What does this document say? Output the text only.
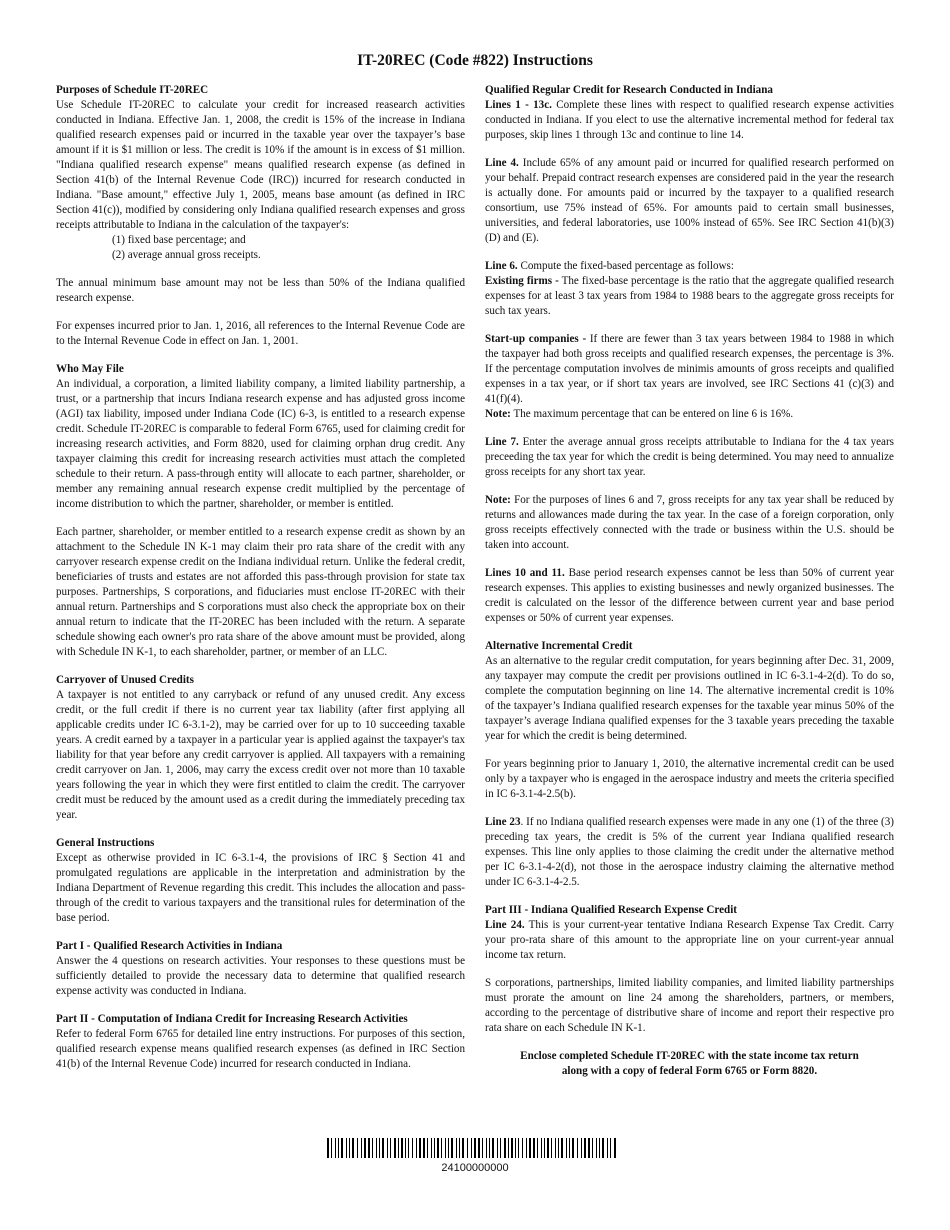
IT-20REC (Code #822) Instructions
Purposes of Schedule IT-20REC

Use Schedule IT-20REC to calculate your credit for increased reasearch activities conducted in Indiana. Effective Jan. 1, 2008, the credit is 15% of the increase in Indiana qualified research expenses paid or incurred in the taxable year over the taxpayer’s base amount if it is $1 million or less. The credit is 10% if the amount is in excess of $1 million. "Indiana qualified research expense" means qualified research expense (as defined in Section 41(b) of the Internal Revenue Code (IRC)) incurred for research conducted in Indiana. "Base amount," effective July 1, 2005, means base amount (as defined in IRC Section 41(c)), modified by considering only Indiana qualified research expenses and gross receipts attributable to Indiana in the calculation of the taxpayer's:

(1) fixed base percentage; and
(2) average annual gross receipts.

The annual minimum base amount may not be less than 50% of the Indiana qualified research expense.

For expenses incurred prior to Jan. 1, 2016, all references to the Internal Revenue Code are to the Internal Revenue Code in effect on Jan. 1, 2001.

Who May File

An individual, a corporation, a limited liability company, a limited liability partnership, a trust, or a partnership that incurs Indiana research expense and has adjusted gross income (AGI) tax liability, imposed under Indiana Code (IC) 6-3, is entitled to a research expense credit. Schedule IT-20REC is comparable to federal Form 6765, used for claiming credit for increasing research activities, and Form 8820, used for claiming orphan drug credit. Any taxpayer claiming this credit for increasing research activities must attach the completed schedule to their return. A pass-through entity will allocate to each partner, shareholder, or member any remaining annual research expense credit multiplied by the percentage of income distribution to which the partner, shareholder, or member is entitled.

Each partner, shareholder, or member entitled to a research expense credit as shown by an attachment to the Schedule IN K-1 may claim their pro rata share of the credit with any carryover research expense credit on the Indiana individual return. Unlike the federal credit, beneficiaries of trusts and estates are not afforded this pass-through provision for state tax purposes. Partnerships, S corporations, and fiduciaries must enclose IT-20REC with their annual return. Partnerships and S corporations must also check the appropriate box on their annual return to indicate that the IT-20REC has been included with the return. A separate schedule showing each owner's pro rata share of the above amount must be provided, along with Schedule IN K-1, to each shareholder, partner, or member of an LLC.

Carryover of Unused Credits

A taxpayer is not entitled to any carryback or refund of any unused credit. Any excess credit, or the full credit if there is no current year tax liability (after first applying all applicable credits under IC 6-3.1-2), may be carried over for up to 10 succeeding taxable years. A credit earned by a taxpayer in a particular year is applied against the taxpayer's tax liability for that year before any credit carryover is applied. All taxpayers with a remaining credit carryover on Jan. 1, 2006, may carry the excess credit over not more than 10 taxable years following the year in which they were first entitled to claim the credit. The carryover credit must be reduced by the amount used as a credit during the immediately preceding tax year.

General Instructions

Except as otherwise provided in IC 6-3.1-4, the provisions of IRC § Section 41 and promulgated regulations are applicable in the interpretation and administration by the Indiana Department of Revenue regarding this credit. This includes the allocation and pass-through of the credit to various taxpayers and the transitional rules for determination of the base period.

Part I - Qualified Research Activities in Indiana

Answer the 4 questions on research activities. Your responses to these questions must be sufficiently detailed to provide the necessary data to determine that qualified research expense activity was conducted in Indiana.

Part II - Computation of Indiana Credit for Increasing Research Activities

Refer to federal Form 6765 for detailed line entry instructions. For purposes of this section, qualified research expense means qualified research expenses (as defined in IRC Section 41(b) of the Internal Revenue Code) incurred for research conducted in Indiana.

Qualified Regular Credit for Research Conducted in Indiana

Lines 1 - 13c. Complete these lines with respect to qualified research expense activities conducted in Indiana. If you elect to use the alternative incremental method for federal tax purposes, skip lines 1 through 13c and continue to line 14.

Line 4. Include 65% of any amount paid or incurred for qualified research performed on your behalf. Prepaid contract research expenses are considered paid in the year the research is actually done. For amounts paid or incurred by the taxpayer to a qualified research consortium, use 75% instead of 65%. For amounts paid to certain small businesses, universities, and federal laboratories, use 100% instead of 65%. See IRC Section 41(b)(3)(D) and (E).

Line 6. Compute the fixed-based percentage as follows:

Existing firms - The fixed-base percentage is the ratio that the aggregate qualified research expenses for at least 3 tax years from 1984 to 1988 bears to the aggregate gross receipts for such tax years.

Start-up companies - If there are fewer than 3 tax years between 1984 to 1988 in which the taxpayer had both gross receipts and qualified research expenses, the percentage is 3%. If the percentage computation involves de minimis amounts of gross receipts and qualified expenses in a tax year, or if short tax years are involved, see IRC Sections 41 (c)(3) and 41(f)(4).

Note: The maximum percentage that can be entered on line 6 is 16%.

Line 7. Enter the average annual gross receipts attributable to Indiana for the 4 tax years preceeding the tax year for which the credit is being determined. You may need to annualize gross receipts for any short tax year.

Note: For the purposes of lines 6 and 7, gross receipts for any tax year shall be reduced by returns and allowances made during the tax year. In the case of a foreign corporation, only gross receipts effectively connected with the trade or business within the U.S. should be taken into account.

Lines 10 and 11. Base period research expenses cannot be less than 50% of current year research expenses. This applies to existing businesses and newly organized businesses. The credit is calculated on the lessor of the difference between current year and base period expenses or 50% of current year expenses.

Alternative Incremental Credit

As an alternative to the regular credit computation, for years beginning after Dec. 31, 2009, any taxpayer may compute the credit per provisions outlined in IC 6-3.1-4-2(d). To do so, complete the computation beginning on line 14. The alternative incremental credit is 10% of the taxpayer’s Indiana qualified research expenses for the taxable year minus 50% of the taxpayer’s average Indiana qualified expenses for the 3 taxable years preceding the taxable year for which the credit is being determined.

For years beginning prior to January 1, 2010, the alternative incremental credit can be used only by a taxpayer who is engaged in the aerospace industry and meets the criteria specified in IC 6-3.1-4-2.5(b).

Line 23. If no Indiana qualified research expenses were made in any one (1) of the three (3) preceding tax years, the credit is 5% of the current year Indiana qualified research expenses. This line only applies to those claiming the credit under the alternative method per IC 6-3.1-4-2(d), not those in the aerospace industry claiming the alternative method under IC 6-3.1-4-2.5.

Part III - Indiana Qualified Research Expense Credit

Line 24. This is your current-year tentative Indiana Research Expense Tax Credit. Carry your pro-rata share of this amount to the appropriate line on your current-year annual income tax return.

S corporations, partnerships, limited liability companies, and limited liability partnerships must prorate the amount on line 24 among the shareholders, partners, or members, according to the percentage of distributive share of income and report their respective pro rata share on each Schedule IN K-1.

Enclose completed Schedule IT-20REC with the state income tax return
along with a copy of federal Form 6765 or Form 8820.
24100000000
